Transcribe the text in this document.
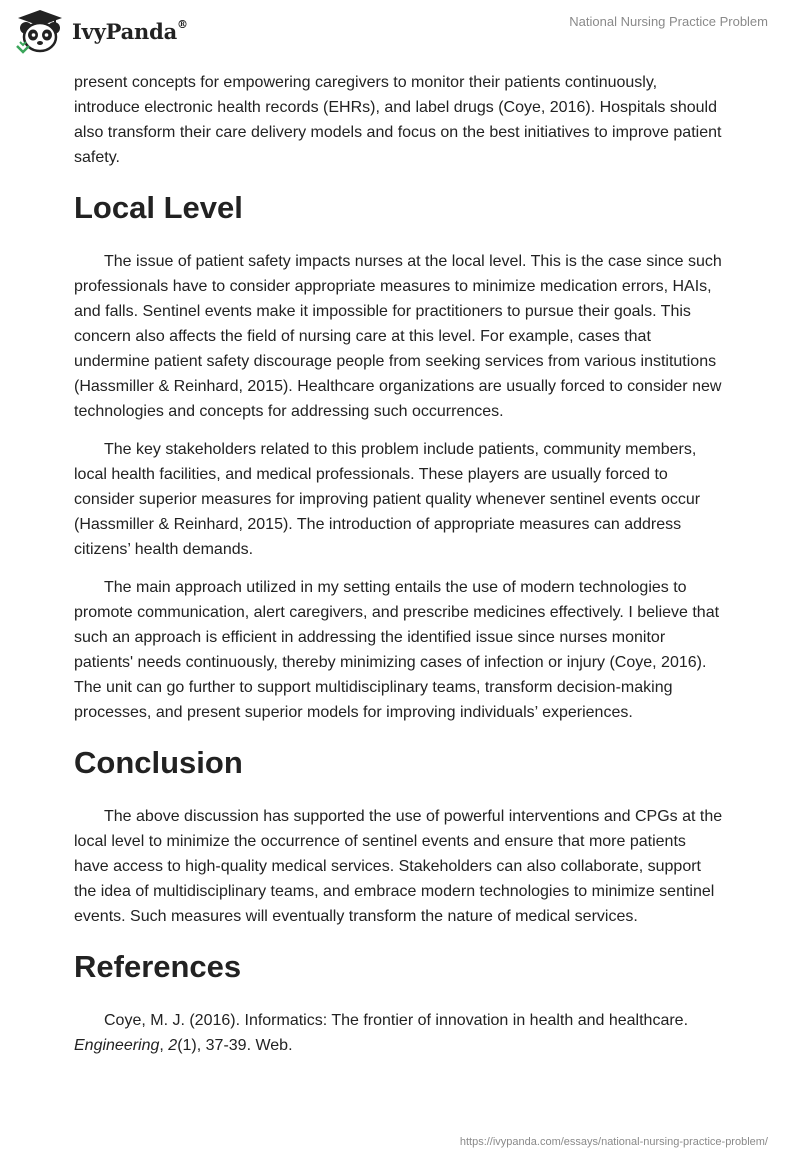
IvyPanda®	National Nursing Practice Problem

present concepts for empowering caregivers to monitor their patients continuously, introduce electronic health records (EHRs), and label drugs (Coye, 2016). Hospitals should also transform their care delivery models and focus on the best initiatives to improve patient safety.

Local Level

The issue of patient safety impacts nurses at the local level. This is the case since such professionals have to consider appropriate measures to minimize medication errors, HAIs, and falls. Sentinel events make it impossible for practitioners to pursue their goals. This concern also affects the field of nursing care at this level. For example, cases that undermine patient safety discourage people from seeking services from various institutions (Hassmiller & Reinhard, 2015). Healthcare organizations are usually forced to consider new technologies and concepts for addressing such occurrences.

The key stakeholders related to this problem include patients, community members, local health facilities, and medical professionals. These players are usually forced to consider superior measures for improving patient quality whenever sentinel events occur (Hassmiller & Reinhard, 2015). The introduction of appropriate measures can address citizens’ health demands.

The main approach utilized in my setting entails the use of modern technologies to promote communication, alert caregivers, and prescribe medicines effectively. I believe that such an approach is efficient in addressing the identified issue since nurses monitor patients' needs continuously, thereby minimizing cases of infection or injury (Coye, 2016). The unit can go further to support multidisciplinary teams, transform decision-making processes, and present superior models for improving individuals’ experiences.

Conclusion

The above discussion has supported the use of powerful interventions and CPGs at the local level to minimize the occurrence of sentinel events and ensure that more patients have access to high-quality medical services. Stakeholders can also collaborate, support the idea of multidisciplinary teams, and embrace modern technologies to minimize sentinel events. Such measures will eventually transform the nature of medical services.

References

Coye, M. J. (2016). Informatics: The frontier of innovation in health and healthcare. Engineering, 2(1), 37-39. Web.

https://ivypanda.com/essays/national-nursing-practice-problem/
